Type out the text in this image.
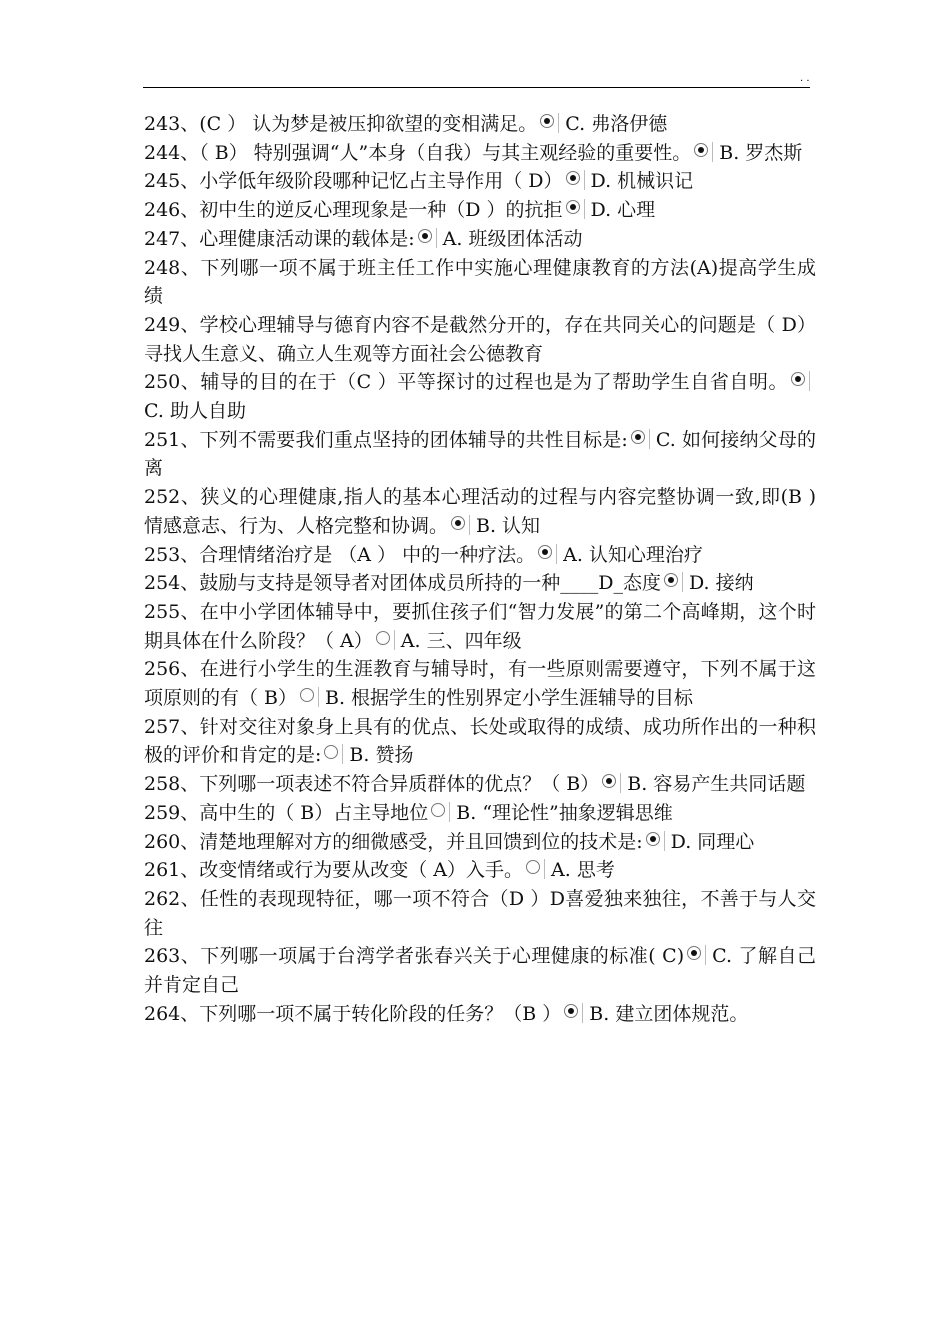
. .

243、(C ） 认为梦是被压抑欲望的变相满足。 C. 弗洛伊德

244、（ B） 特别强调“人”本身（自我）与其主观经验的重要性。 B. 罗杰斯

245、小学低年级阶段哪种记忆占主导作用（ D） D. 机械识记

246、初中生的逆反心理现象是一种（D ）的抗拒 D. 心理

247、心理健康活动课的载体是: A. 班级团体活动

248、下列哪一项不属于班主任工作中实施心理健康教育的方法(A)提高学生成绩

249、学校心理辅导与德育内容不是截然分开的，存在共同关心的问题是（ D）寻找人生意义、确立人生观等方面社会公德教育

250、辅导的目的在于（C ）平等探讨的过程也是为了帮助学生自省自明。C. 助人自助

251、下列不需要我们重点坚持的团体辅导的共性目标是: C. 如何接纳父母的离

252、狭义的心理健康,指人的基本心理活动的过程与内容完整协调一致,即(B )情感意志、行为、人格完整和协调。 B. 认知

253、合理情绪治疗是 （A ） 中的一种疗法。 A. 认知心理治疗

254、鼓励与支持是领导者对团体成员所持的一种____D_态度 D. 接纳

255、在中小学团体辅导中，要抓住孩子们“智力发展”的第二个高峰期，这个时期具体在什么阶段？（ A） A. 三、四年级

256、在进行小学生的生涯教育与辅导时，有一些原则需要遵守，下列不属于这项原则的有（ B） B. 根据学生的性别界定小学生涯辅导的目标

257、针对交往对象身上具有的优点、长处或取得的成绩、成功所作出的一种积极的评价和肯定的是: B. 赞扬

258、下列哪一项表述不符合异质群体的优点？（ B） B. 容易产生共同话题

259、高中生的（ B）占主导地位 B. “理论性”抽象逻辑思维

260、清楚地理解对方的细微感受，并且回馈到位的技术是: D. 同理心

261、改变情绪或行为要从改变（ A）入手。 A. 思考

262、任性的表现现特征，哪一项不符合（D ）D喜爱独来独往，不善于与人交往

263、下列哪一项属于台湾学者张春兴关于心理健康的标准( C) C. 了解自己并肯定自己

264、下列哪一项不属于转化阶段的任务？（B ） B. 建立团体规范。
